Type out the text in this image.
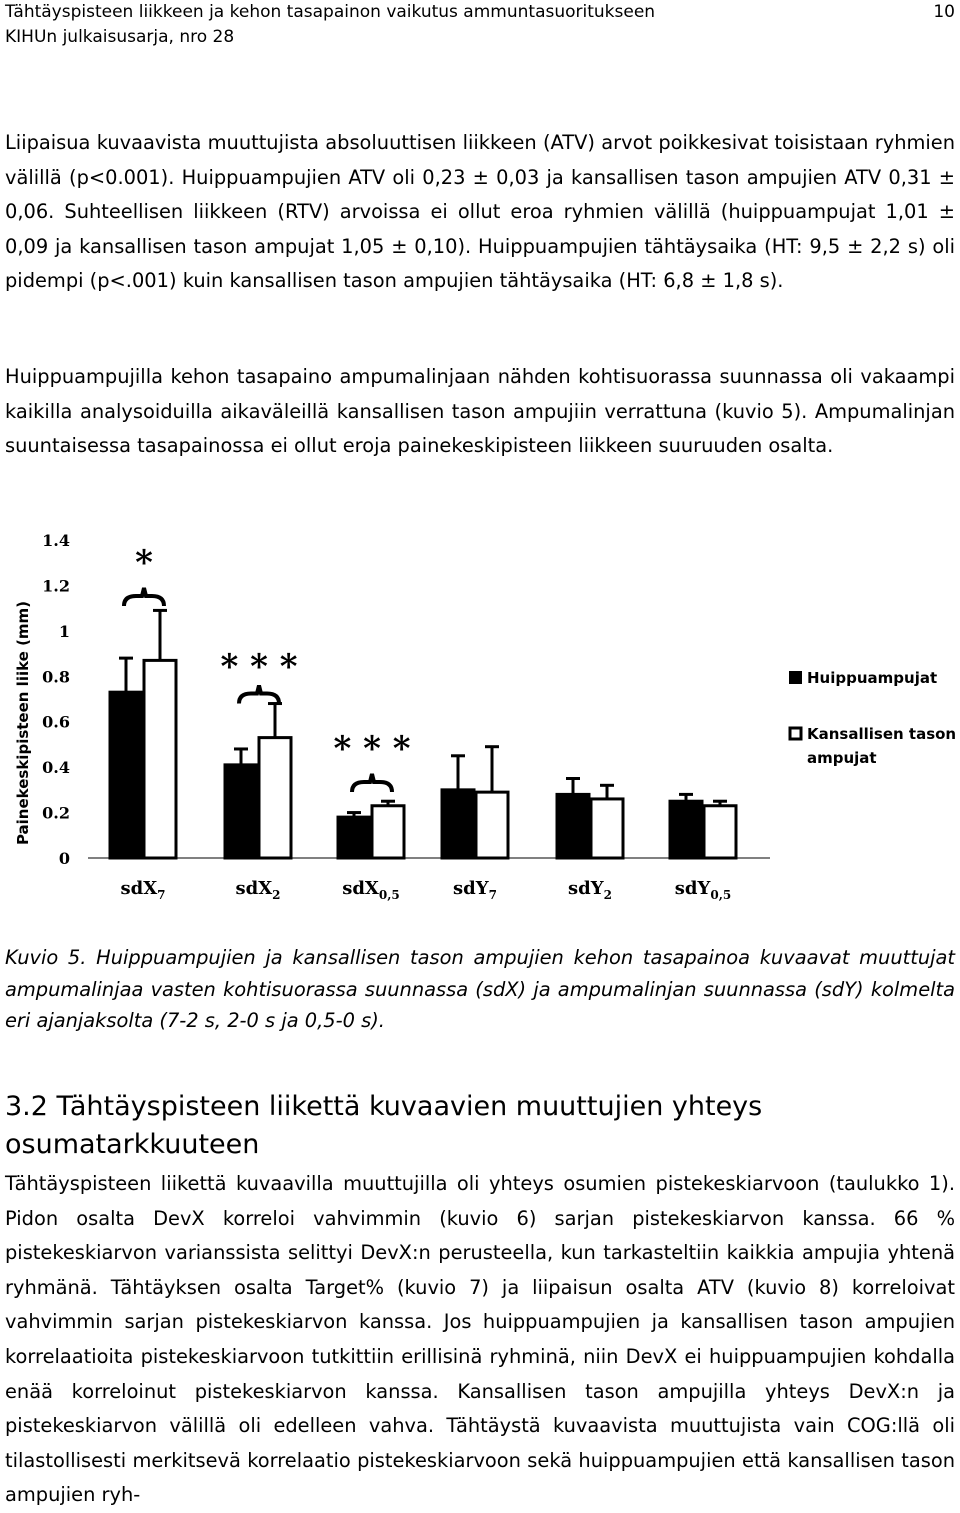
Tähtäyspisteen liikkeen ja kehon tasapainon vaikutus ammuntasuoritukseen
KIHUn julkaisusarja, nro 28
10
Liipaisua kuvaavista muuttujista absoluuttisen liikkeen (ATV) arvot poikkesivat toisistaan ryhmien välillä (p<0.001). Huippuampujien ATV oli 0,23 ± 0,03 ja kansallisen tason ampujien ATV 0,31 ± 0,06. Suhteellisen liikkeen (RTV) arvoissa ei ollut eroa ryhmien välillä (huippuampujat 1,01 ± 0,09 ja kansallisen tason ampujat 1,05 ± 0,10). Huippuampujien tähtäysaika (HT: 9,5 ± 2,2 s) oli pidempi (p<.001) kuin kansallisen tason ampujien tähtäysaika (HT: 6,8 ± 1,8 s).
Huippuampujilla kehon tasapaino ampumalinjaan nähden kohtisuorassa suunnassa oli vakaampi kaikilla analysoiduilla aikaväleillä kansallisen tason ampujiin verrattuna (kuvio 5). Ampumalinjan suuntaisessa tasapainossa ei ollut eroja painekeskipisteen liikkeen suuruuden osalta.
0
0.2
0.4
0.6
0.8
1
1.2
1.4
Painekeskipisteen liike (mm)
sdX$_7$	sdX$_2$	sdX$_{0,5}$	sdY$_7$	sdY$_2$	sdY$_{0,5}$
*
* * *
* * *
Huippuampujat
Kansallisen tason
ampujat
Kuvio 5. Huippuampujien ja kansallisen tason ampujien kehon tasapainoa kuvaavat muuttujat ampumalinjaa vasten kohtisuorassa suunnassa (sdX) ja ampumalinjan suunnassa (sdY) kolmelta eri ajanjaksolta (7-2 s, 2-0 s ja 0,5-0 s).
3.2 Tähtäyspisteen liikettä kuvaavien muuttujien yhteys osumatarkkuuteen
Tähtäyspisteen liikettä kuvaavilla muuttujilla oli yhteys osumien pistekeskiarvoon (taulukko 1). Pidon osalta DevX korreloi vahvimmin (kuvio 6) sarjan pistekeskiarvon kanssa. 66 % pistekeskiarvon varianssista selittyi DevX:n perusteella, kun tarkasteltiin kaikkia ampujia yhtenä ryhmänä. Tähtäyksen osalta Target% (kuvio 7) ja liipaisun osalta ATV (kuvio 8) korreloivat vahvimmin sarjan pistekeskiarvon kanssa. Jos huippuampujien ja kansallisen tason ampujien korrelaatioita pistekeskiarvoon tutkittiin erillisinä ryhminä, niin DevX ei huippuampujien kohdalla enää korreloinut pistekeskiarvon kanssa. Kansallisen tason ampujilla yhteys DevX:n ja pistekeskiarvon välillä oli edelleen vahva. Tähtäystä kuvaavista muuttujista vain COG:llä oli tilastollisesti merkitsevä korrelaatio pistekeskiarvoon sekä huippuampujien että kansallisen tason ampujien ryh-
